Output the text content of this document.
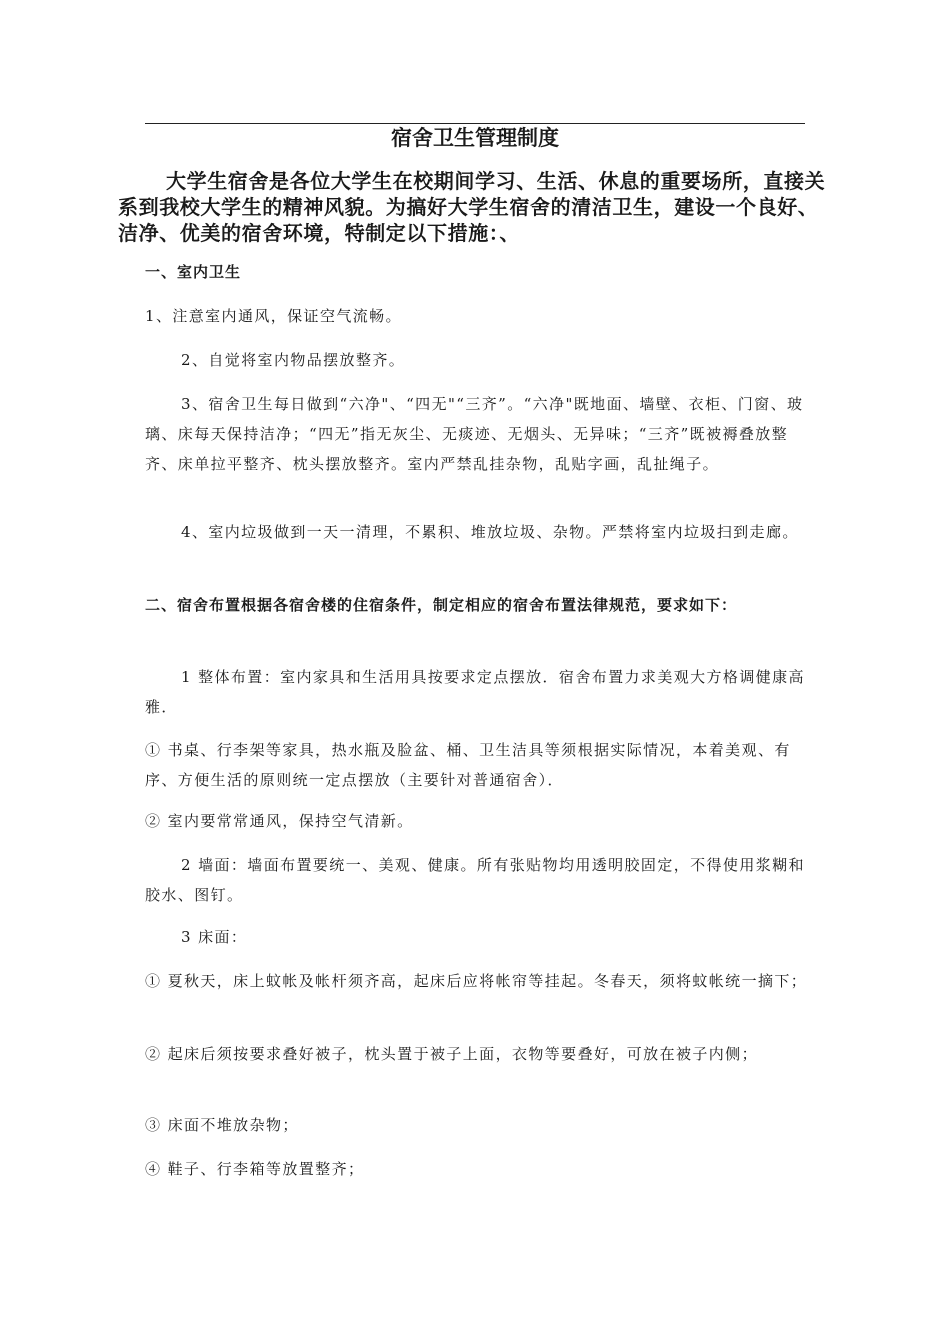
宿舍卫生管理制度
大学生宿舍是各位大学生在校期间学习、生活、休息的重要场所，直接关系到我校大学生的精神风貌。为搞好大学生宿舍的清洁卫生，建设一个良好、洁净、优美的宿舍环境，特制定以下措施：、
一、室内卫生
1、注意室内通风，保证空气流畅。
2、自觉将室内物品摆放整齐。
3、宿舍卫生每日做到“六净"、“四无"“三齐”。“六净"既地面、墙壁、衣柜、门窗、玻璃、床每天保持洁净；“四无”指无灰尘、无痰迹、无烟头、无异味；“三齐”既被褥叠放整齐、床单拉平整齐、枕头摆放整齐。室内严禁乱挂杂物，乱贴字画，乱扯绳子。
4、室内垃圾做到一天一清理，不累积、堆放垃圾、杂物。严禁将室内垃圾扫到走廊。
二、宿舍布置根据各宿舍楼的住宿条件，制定相应的宿舍布置法律规范，要求如下：
1 整体布置：室内家具和生活用具按要求定点摆放．宿舍布置力求美观大方格调健康高雅．
① 书桌、行李架等家具，热水瓶及脸盆、桶、卫生洁具等须根据实际情况，本着美观、有序、方便生活的原则统一定点摆放（主要针对普通宿舍）．
② 室内要常常通风，保持空气清新。
2 墙面：墙面布置要统一、美观、健康。所有张贴物均用透明胶固定，不得使用浆糊和胶水、图钉。
3 床面：
① 夏秋天，床上蚊帐及帐杆须齐高，起床后应将帐帘等挂起。冬春天，须将蚊帐统一摘下；
② 起床后须按要求叠好被子，枕头置于被子上面，衣物等要叠好，可放在被子内侧；
③ 床面不堆放杂物；
④ 鞋子、行李箱等放置整齐；
